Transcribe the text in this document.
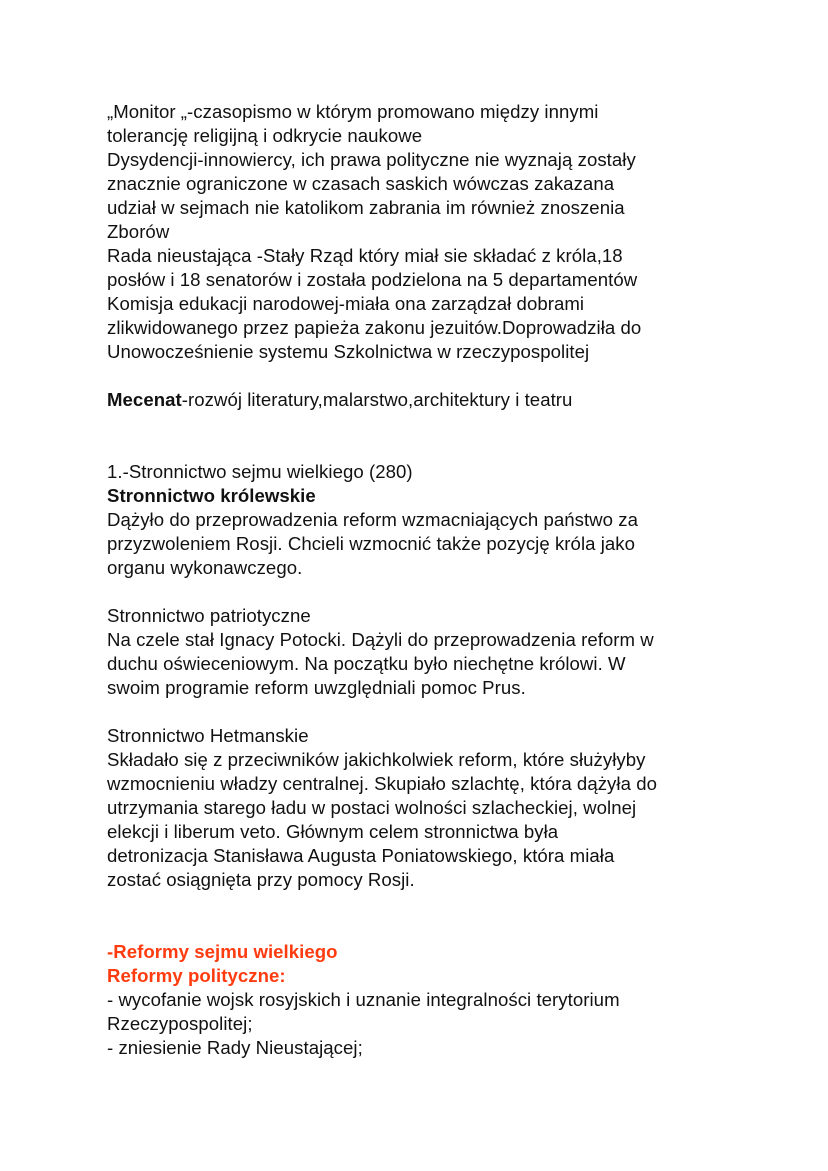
„Monitor „-czasopismo w którym promowano między innymi

tolerancję religijną i odkrycie naukowe

Dysydencji-innowiercy, ich prawa polityczne nie wyznają zostały

znacznie ograniczone w czasach saskich wówczas zakazana

udział w sejmach nie katolikom zabrania im również znoszenia

Zborów

Rada nieustająca -Stały Rząd który miał sie składać z króla,18

posłów i 18 senatorów i została podzielona na 5 departamentów

Komisja edukacji narodowej-miała ona zarządzał dobrami

zlikwidowanego przez papieża zakonu jezuitów.Doprowadziła do

Unowocześnienie systemu Szkolnictwa w rzeczypospolitej

Mecenat-rozwój literatury,malarstwo,architektury i teatru

1.-Stronnictwo sejmu wielkiego (280)

Stronnictwo królewskie

Dążyło do przeprowadzenia reform wzmacniających państwo za

przyzwoleniem Rosji. Chcieli wzmocnić także pozycję króla jako

organu wykonawczego.

Stronnictwo patriotyczne

Na czele stał Ignacy Potocki. Dążyli do przeprowadzenia reform w

duchu oświeceniowym. Na początku było niechętne królowi. W

swoim programie reform uwzględniali pomoc Prus.

Stronnictwo Hetmanskie

Składało się z przeciwników jakichkolwiek reform, które służyłyby

wzmocnieniu władzy centralnej. Skupiało szlachtę, która dążyła do

utrzymania starego ładu w postaci wolności szlacheckiej, wolnej

elekcji i liberum veto. Głównym celem stronnictwa była

detronizacja Stanisława Augusta Poniatowskiego, która miała

zostać osiągnięta przy pomocy Rosji.

-Reformy sejmu wielkiego

Reformy polityczne:

- wycofanie wojsk rosyjskich i uznanie integralności terytorium

Rzeczypospolitej;

- zniesienie Rady Nieustającej;
